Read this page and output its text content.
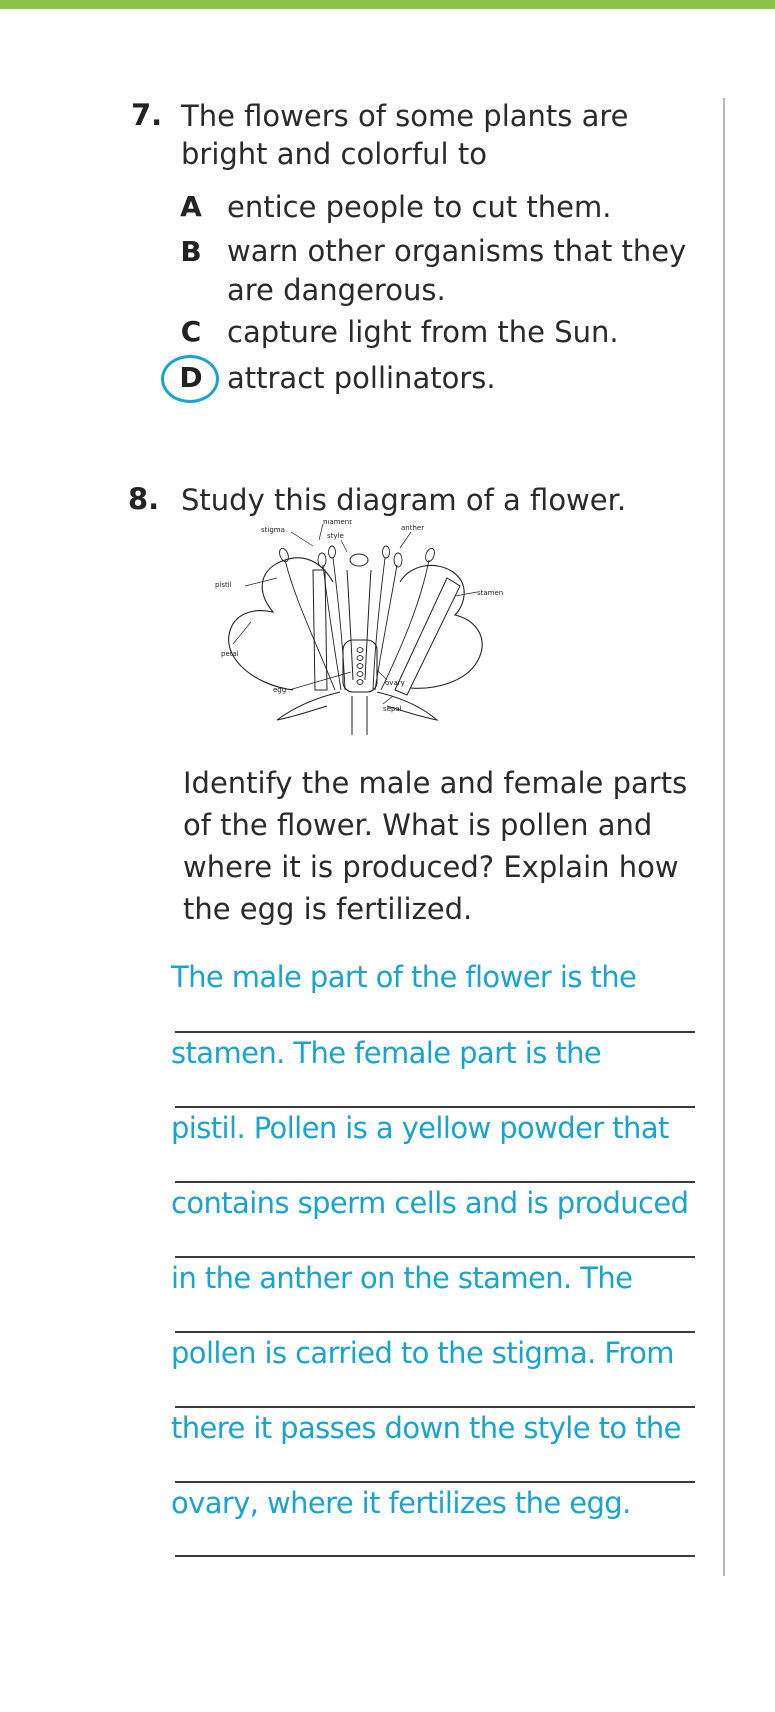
7. The flowers of some plants are bright and colorful to
A entice people to cut them.
B warn other organisms that they are dangerous.
C capture light from the Sun.
D attract pollinators.
8. Study this diagram of a flower.
filament
stigma
style
anther
pistil
stamen
petal
ovary
egg
sepal
Identify the male and female parts of the flower. What is pollen and where it is produced? Explain how the egg is fertilized.
The male part of the flower is the
stamen. The female part is the
pistil. Pollen is a yellow powder that
contains sperm cells and is produced
in the anther on the stamen. The
pollen is carried to the stigma. From
there it passes down the style to the
ovary, where it fertilizes the egg.
